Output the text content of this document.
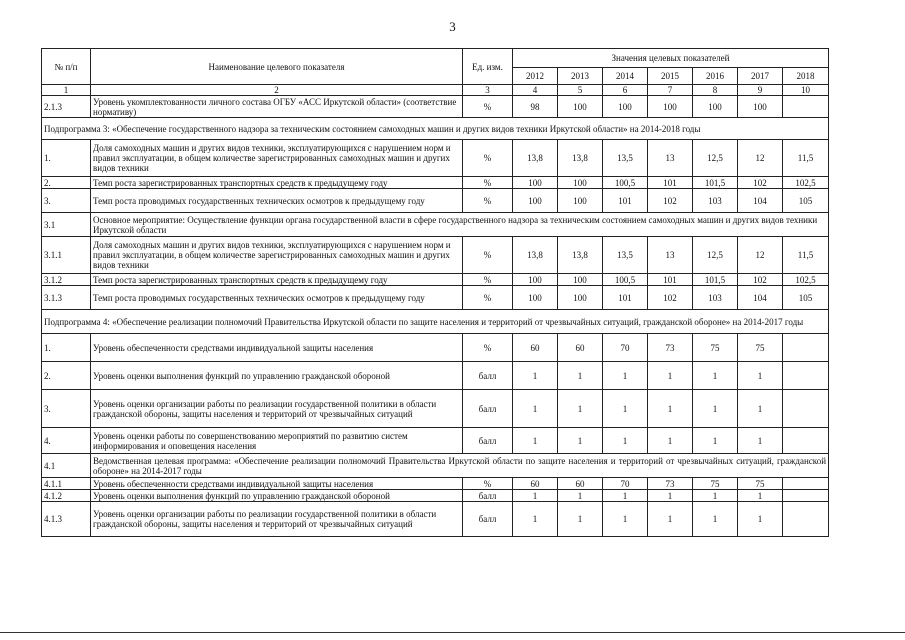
3
№ п/п	Наименование целевого показателя	Ед. изм.	Значения целевых показателей						
			2012	2013	2014	2015	2016	2017	2018
1	2	3	4	5	6	7	8	9	10
2.1.3	Уровень укомплектованности личного состава ОГБУ «АСС Иркутской области» (соответствие нормативу)	%	98	100	100	100	100	100	
Подпрограмма 3: «Обеспечение государственного надзора за техническим состоянием самоходных машин и других видов техники Иркутской области» на 2014-2018 годы									
1.	Доля самоходных машин и других видов техники, эксплуатирующихся с нарушением норм и правил эксплуатации, в общем количестве зарегистрированных самоходных машин и других видов техники	%	13,8	13,8	13,5	13	12,5	12	11,5
2.	Темп роста зарегистрированных транспортных средств к предыдущему году	%	100	100	100,5	101	101,5	102	102,5
3.	Темп роста проводимых государственных технических осмотров к предыдущему году	%	100	100	101	102	103	104	105
3.1	Основное мероприятие: Осуществление функции органа государственной власти в сфере государственного надзора за техническим состоянием самоходных машин и других видов техники Иркутской области								
3.1.1	Доля самоходных машин и других видов техники, эксплуатирующихся с нарушением норм и правил эксплуатации, в общем количестве зарегистрированных самоходных машин и других видов техники	%	13,8	13,8	13,5	13	12,5	12	11,5
3.1.2	Темп роста зарегистрированных транспортных средств к предыдущему году	%	100	100	100,5	101	101,5	102	102,5
3.1.3	Темп роста проводимых государственных технических осмотров к предыдущему году	%	100	100	101	102	103	104	105
Подпрограмма 4: «Обеспечение реализации полномочий Правительства Иркутской области по защите населения и территорий от чрезвычайных ситуаций, гражданской обороне» на 2014-2017 годы									
1.	Уровень обеспеченности средствами индивидуальной защиты населения	%	60	60	70	73	75	75	
2.	Уровень оценки выполнения функций по управлению гражданской обороной	балл	1	1	1	1	1	1	
3.	Уровень оценки организации работы по реализации государственной политики в области гражданской обороны, защиты населения и территорий от чрезвычайных ситуаций	балл	1	1	1	1	1	1	
4.	Уровень оценки работы по совершенствованию мероприятий по развитию систем информирования и оповещения населения	балл	1	1	1	1	1	1	
4.1	Ведомственная целевая программа: «Обеспечение реализации полномочий Правительства Иркутской области по защите населения и территорий от чрезвычайных ситуаций, гражданской обороне» на 2014-2017 годы								
4.1.1	Уровень обеспеченности средствами индивидуальной защиты населения	%	60	60	70	73	75	75	
4.1.2	Уровень оценки выполнения функций по управлению гражданской обороной	балл	1	1	1	1	1	1	
4.1.3	Уровень оценки организации работы по реализации государственной политики в области гражданской обороны, защиты населения и территорий от чрезвычайных ситуаций	балл	1	1	1	1	1	1	
